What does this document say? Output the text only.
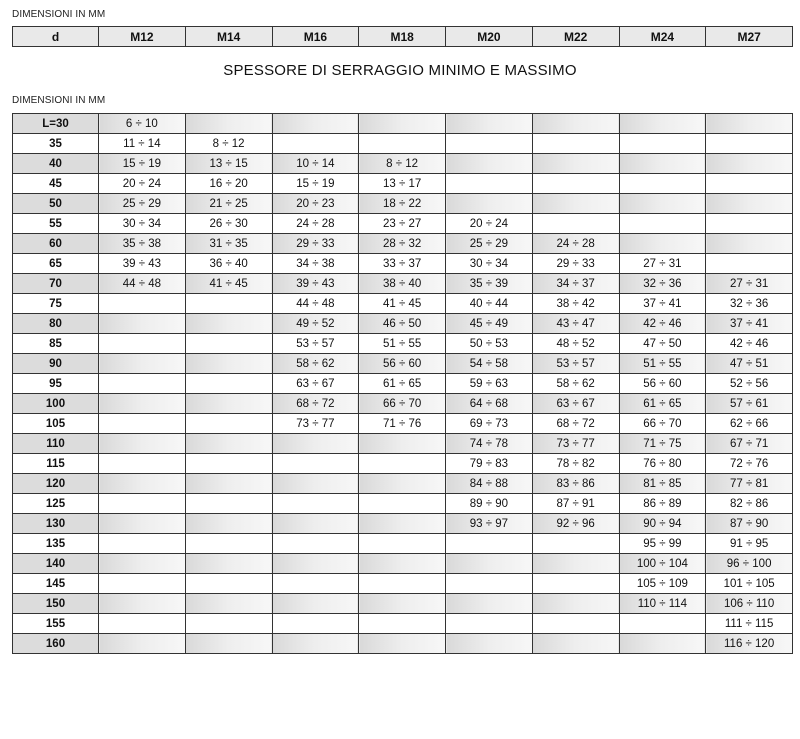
DIMENSIONI IN MM
d	M12	M14	M16	M18	M20	M22	M24	M27
SPESSORE DI SERRAGGIO MINIMO E MASSIMO
DIMENSIONI IN MM
L=30	6 ÷ 10							
35	11 ÷ 14	8 ÷ 12						
40	15 ÷ 19	13 ÷ 15	10 ÷ 14	8 ÷ 12				
45	20 ÷ 24	16 ÷ 20	15 ÷ 19	13 ÷ 17				
50	25 ÷ 29	21 ÷ 25	20 ÷ 23	18 ÷ 22				
55	30 ÷ 34	26 ÷ 30	24 ÷ 28	23 ÷ 27	20 ÷ 24			
60	35 ÷ 38	31 ÷ 35	29 ÷ 33	28 ÷ 32	25 ÷ 29	24 ÷ 28		
65	39 ÷ 43	36 ÷ 40	34 ÷ 38	33 ÷ 37	30 ÷ 34	29 ÷ 33	27 ÷ 31	
70	44 ÷ 48	41 ÷ 45	39 ÷ 43	38 ÷ 40	35 ÷ 39	34 ÷ 37	32 ÷ 36	27 ÷ 31
75			44 ÷ 48	41 ÷ 45	40 ÷ 44	38 ÷ 42	37 ÷ 41	32 ÷ 36
80			49 ÷ 52	46 ÷ 50	45 ÷ 49	43 ÷ 47	42 ÷ 46	37 ÷ 41
85			53 ÷ 57	51 ÷ 55	50 ÷ 53	48 ÷ 52	47 ÷ 50	42 ÷ 46
90			58 ÷ 62	56 ÷ 60	54 ÷ 58	53 ÷ 57	51 ÷ 55	47 ÷ 51
95			63 ÷ 67	61 ÷ 65	59 ÷ 63	58 ÷ 62	56 ÷ 60	52 ÷ 56
100			68 ÷ 72	66 ÷ 70	64 ÷ 68	63 ÷ 67	61 ÷ 65	57 ÷ 61
105			73 ÷ 77	71 ÷ 76	69 ÷ 73	68 ÷ 72	66 ÷ 70	62 ÷ 66
110					74 ÷ 78	73 ÷ 77	71 ÷ 75	67 ÷ 71
115					79 ÷ 83	78 ÷ 82	76 ÷ 80	72 ÷ 76
120					84 ÷ 88	83 ÷ 86	81 ÷ 85	77 ÷ 81
125					89 ÷ 90	87 ÷ 91	86 ÷ 89	82 ÷ 86
130					93 ÷ 97	92 ÷ 96	90 ÷ 94	87 ÷ 90
135							95 ÷ 99	91 ÷ 95
140							100 ÷ 104	96 ÷ 100
145							105 ÷ 109	101 ÷ 105
150							110 ÷ 114	106 ÷ 110
155								111 ÷ 115
160								116 ÷ 120
